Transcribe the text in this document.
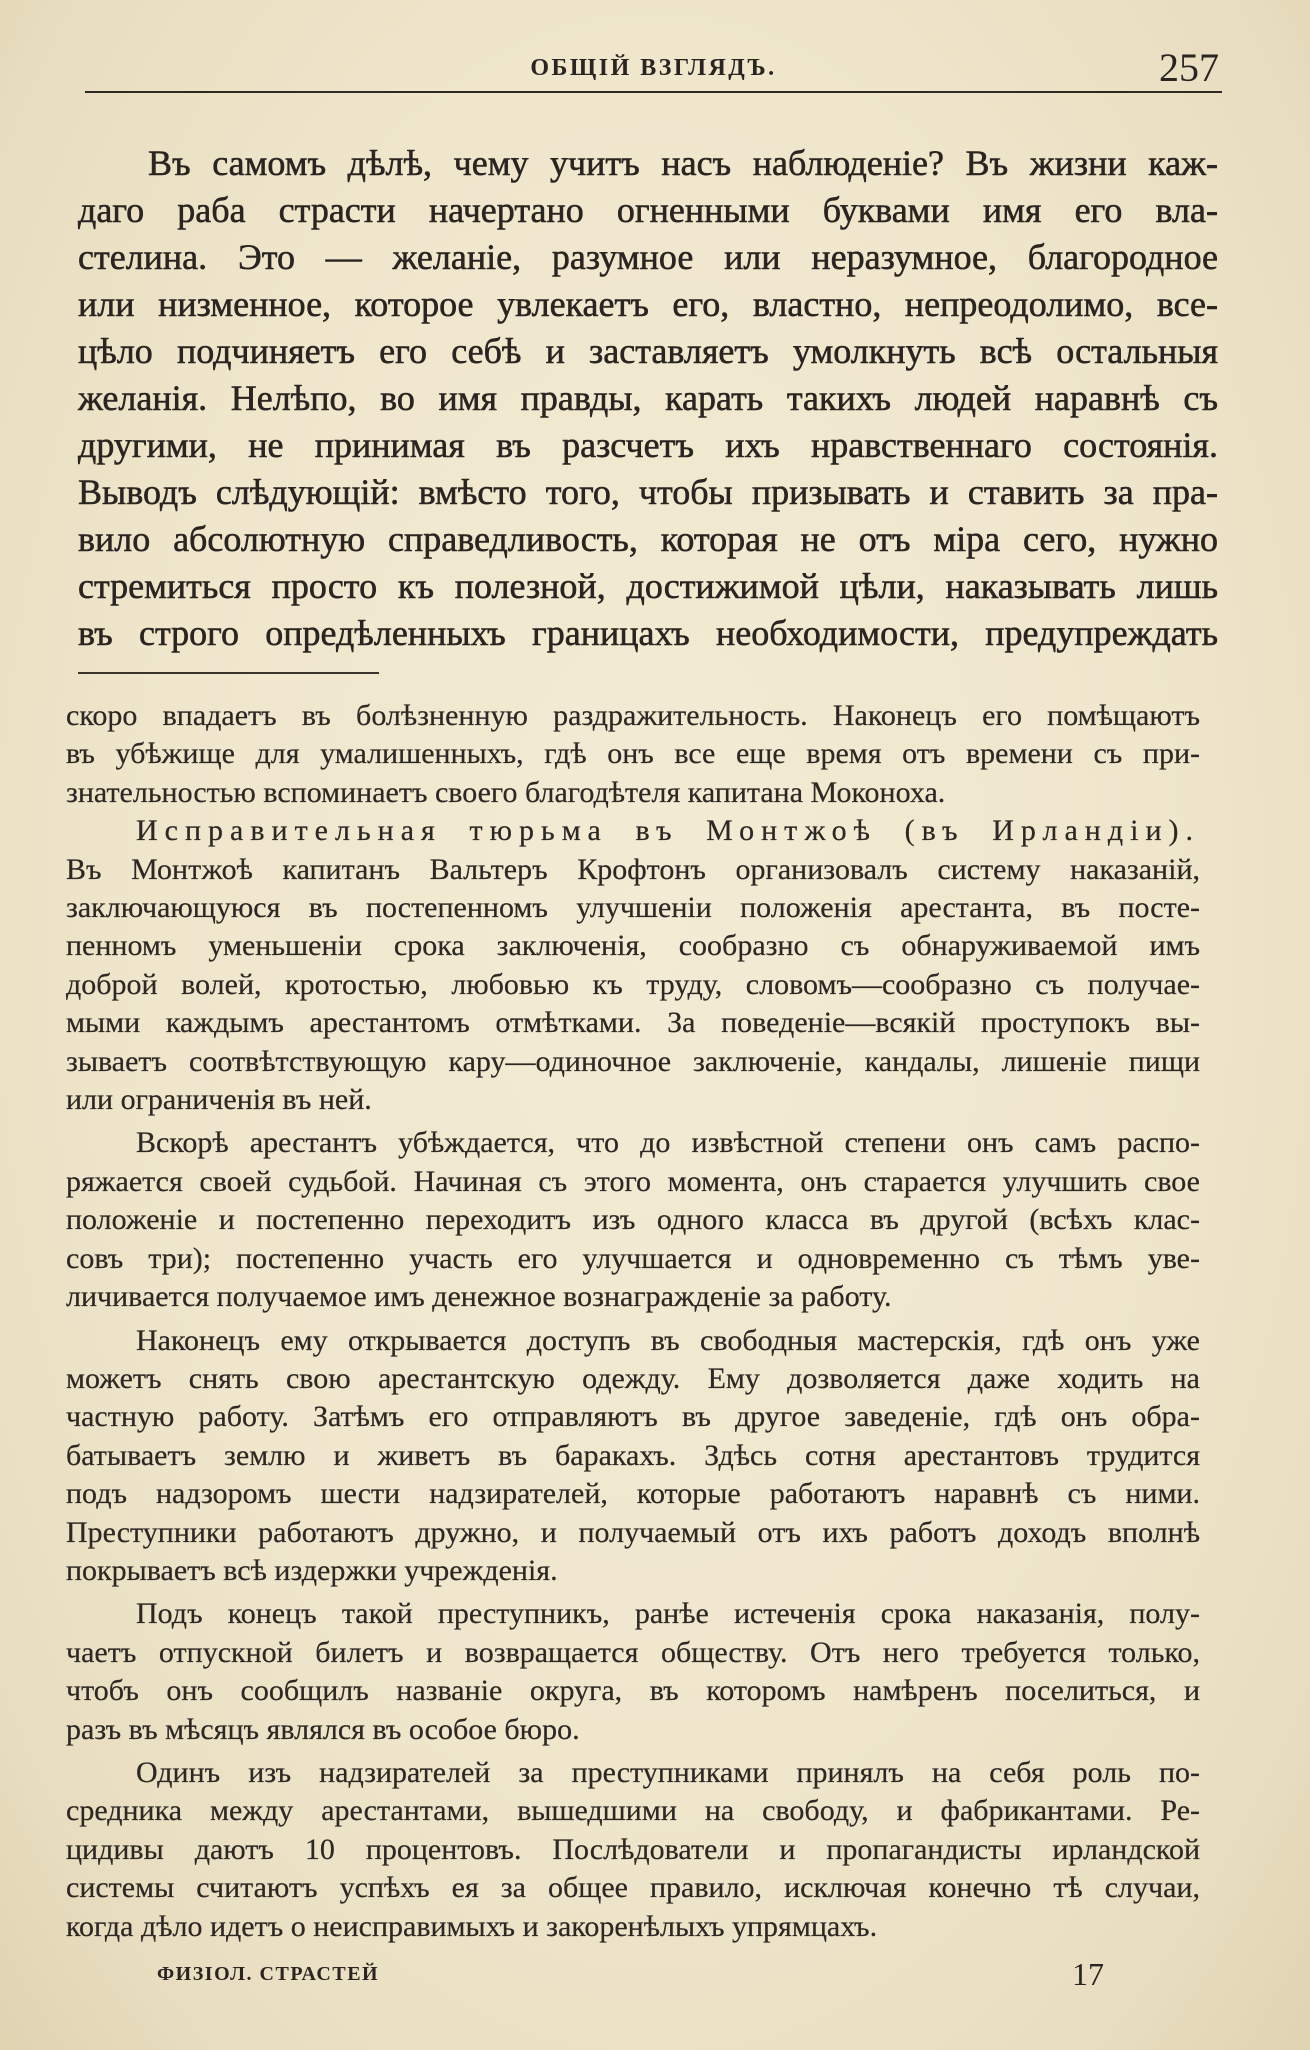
ОБЩІЙ ВЗГЛЯДЪ.	257
Въ самомъ дѣлѣ, чему учитъ насъ наблюденіе? Въ жизни каж-
даго раба страсти начертано огненными буквами имя его вла-
стелина. Это — желаніе, разумное или неразумное, благородное
или низменное, которое увлекаетъ его, властно, непреодолимо, все-
цѣло подчиняетъ его себѣ и заставляетъ умолкнуть всѣ остальныя
желанія. Нелѣпо, во имя правды, карать такихъ людей наравнѣ съ
другими, не принимая въ разсчетъ ихъ нравственнаго состоянія.
Выводъ слѣдующій: вмѣсто того, чтобы призывать и ставить за пра-
вило абсолютную справедливость, которая не отъ міра сего, нужно
стремиться просто къ полезной, достижимой цѣли, наказывать лишь
въ строго опредѣленныхъ границахъ необходимости, предупреждать
скоро впадаетъ въ болѣзненную раздражительность. Наконецъ его помѣщаютъ
въ убѣжище для умалишенныхъ, гдѣ онъ все еще время отъ времени съ при-
знательностью вспоминаетъ своего благодѣтеля капитана Моконоха.
Исправительная тюрьма въ Монтжоѣ (въ Ирландіи).
Въ Монтжоѣ капитанъ Вальтеръ Крофтонъ организовалъ систему наказаній,
заключающуюся въ постепенномъ улучшеніи положенія арестанта, въ посте-
пенномъ уменьшеніи срока заключенія, сообразно съ обнаруживаемой имъ
доброй волей, кротостью, любовью къ труду, словомъ—сообразно съ получае-
мыми каждымъ арестантомъ отмѣтками. За поведеніе—всякій проступокъ вы-
зываетъ соотвѣтствующую кару—одиночное заключеніе, кандалы, лишеніе пищи
или ограниченія въ ней.
Вскорѣ арестантъ убѣждается, что до извѣстной степени онъ самъ распо-
ряжается своей судьбой. Начиная съ этого момента, онъ старается улучшить свое
положеніе и постепенно переходитъ изъ одного класса въ другой (всѣхъ клас-
совъ три); постепенно участь его улучшается и одновременно съ тѣмъ уве-
личивается получаемое имъ денежное вознагражденіе за работу.
Наконецъ ему открывается доступъ въ свободныя мастерскія, гдѣ онъ уже
можетъ снять свою арестантскую одежду. Ему дозволяется даже ходить на
частную работу. Затѣмъ его отправляютъ въ другое заведеніе, гдѣ онъ обра-
батываетъ землю и живетъ въ баракахъ. Здѣсь сотня арестантовъ трудится
подъ надзоромъ шести надзирателей, которые работаютъ наравнѣ съ ними.
Преступники работаютъ дружно, и получаемый отъ ихъ работъ доходъ вполнѣ
покрываетъ всѣ издержки учрежденія.
Подъ конецъ такой преступникъ, ранѣе истеченія срока наказанія, полу-
чаетъ отпускной билетъ и возвращается обществу. Отъ него требуется только,
чтобъ онъ сообщилъ названіе округа, въ которомъ намѣренъ поселиться, и
разъ въ мѣсяцъ являлся въ особое бюро.
Одинъ изъ надзирателей за преступниками принялъ на себя роль по-
средника между арестантами, вышедшими на свободу, и фабрикантами. Ре-
цидивы даютъ 10 процентовъ. Послѣдователи и пропагандисты ирландской
системы считаютъ успѣхъ ея за общее правило, исключая конечно тѣ случаи,
когда дѣло идетъ о неисправимыхъ и закоренѣлыхъ упрямцахъ.
ФИЗІОЛ. СТРАСТЕЙ	17
